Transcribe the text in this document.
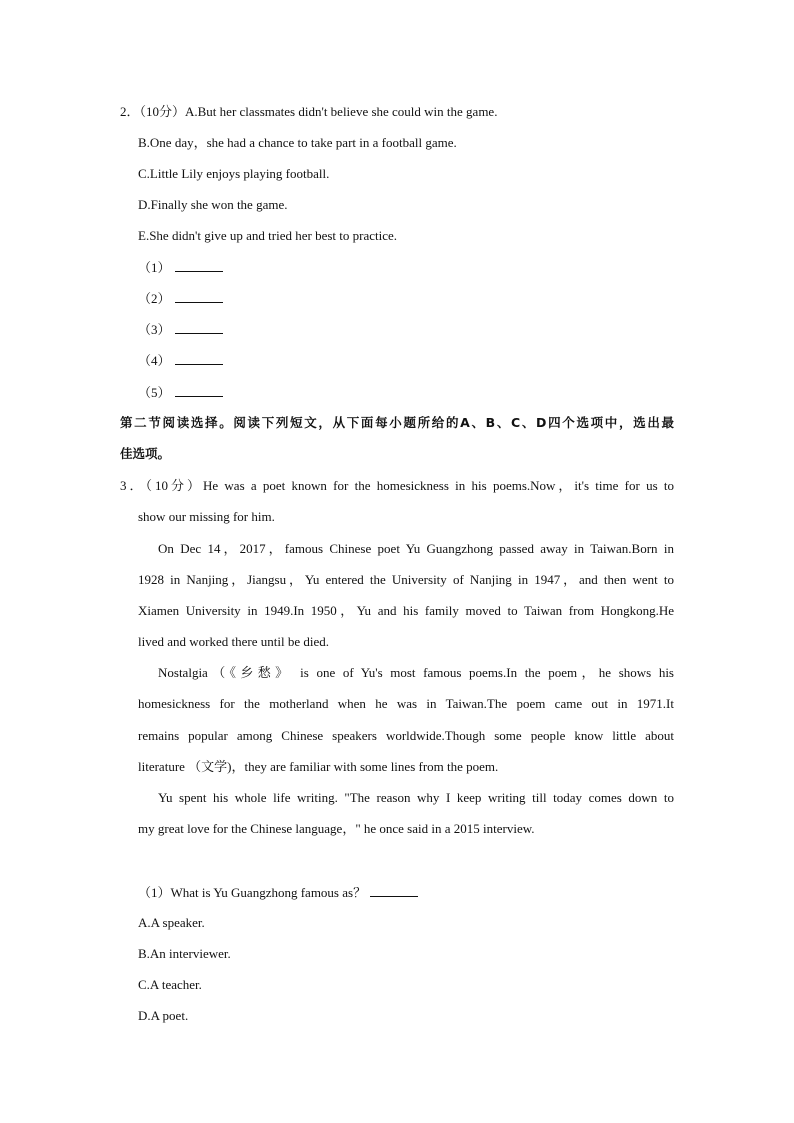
2．（10分）A.But her classmates didn't believe she could win the game.
B.One day，she had a chance to take part in a football game.
C.Little Lily enjoys playing football.
D.Finally she won the game.
E.She didn't give up and tried her best to practice.
（1）
（2）
（3）
（4）
（5）
第二节阅读选择。阅读下列短文，从下面每小题所给的A、B、C、D四个选项中，选出最
佳选项。
3．（10分）He was a poet known for the homesickness in his poems.Now，it's time for us to
show our missing for him.
On Dec 14，2017，famous Chinese poet Yu Guangzhong passed away in Taiwan.Born in
1928 in Nanjing，Jiangsu，Yu entered the University of Nanjing in 1947，and then went to
Xiamen University in 1949.In 1950，Yu and his family moved to Taiwan from Hongkong.He
lived and worked there until be died.
Nostalgia（《乡愁》 is one of Yu's most famous poems.In the poem，he shows his
homesickness for the motherland when he was in Taiwan.The poem came out in 1971.It
remains popular among Chinese speakers worldwide.Though some people know little about
literature （文学)，they are familiar with some lines from the poem.
Yu spent his whole life writing. "The reason why I keep writing till today comes down to
my great love for the Chinese language，" he once said in a 2015 interview.
（1）What is Yu Guangzhong famous as？
A.A speaker.
B.An interviewer.
C.A teacher.
D.A poet.
